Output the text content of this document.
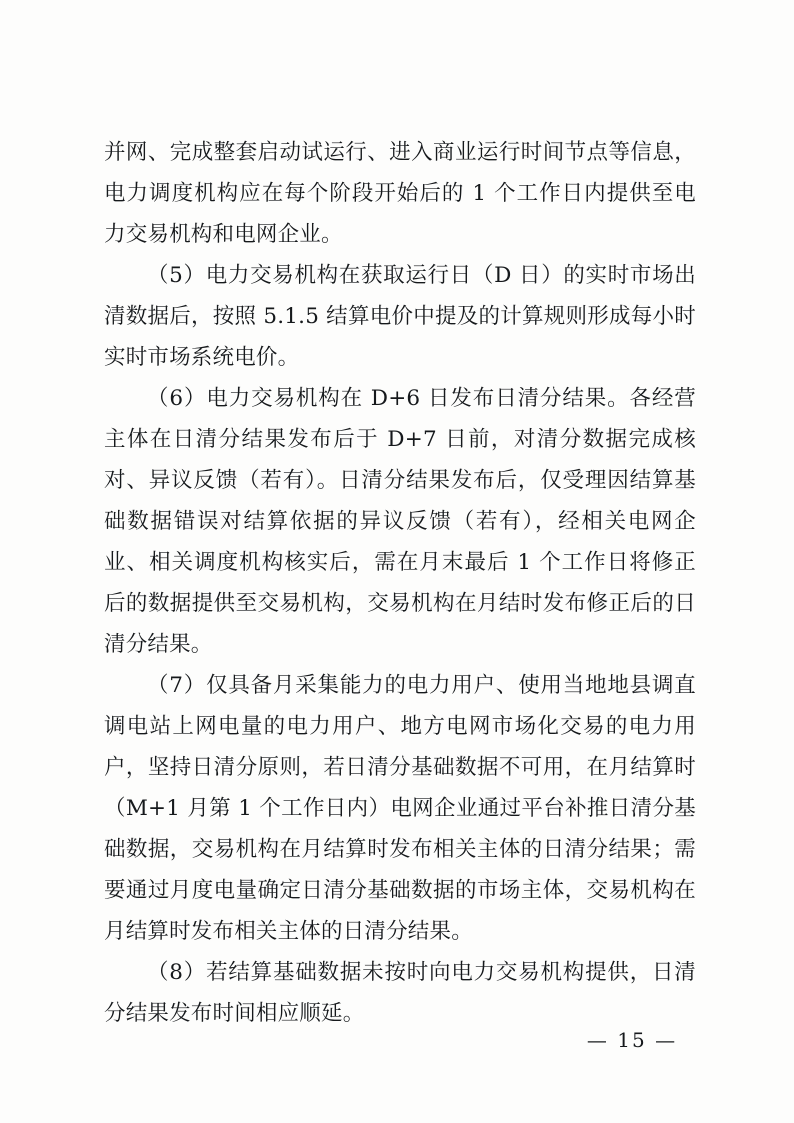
并网、完成整套启动试运行、进入商业运行时间节点等信息，电力调度机构应在每个阶段开始后的 1 个工作日内提供至电力交易机构和电网企业。

（5）电力交易机构在获取运行日（D 日）的实时市场出清数据后，按照 5.1.5 结算电价中提及的计算规则形成每小时实时市场系统电价。

（6）电力交易机构在 D+6 日发布日清分结果。各经营主体在日清分结果发布后于 D+7 日前，对清分数据完成核对、异议反馈（若有）。日清分结果发布后，仅受理因结算基础数据错误对结算依据的异议反馈（若有），经相关电网企业、相关调度机构核实后，需在月末最后 1 个工作日将修正后的数据提供至交易机构，交易机构在月结时发布修正后的日清分结果。

（7）仅具备月采集能力的电力用户、使用当地地县调直调电站上网电量的电力用户、地方电网市场化交易的电力用户，坚持日清分原则，若日清分基础数据不可用，在月结算时（M+1 月第 1 个工作日内）电网企业通过平台补推日清分基础数据，交易机构在月结算时发布相关主体的日清分结果；需要通过月度电量确定日清分基础数据的市场主体，交易机构在月结算时发布相关主体的日清分结果。

（8）若结算基础数据未按时向电力交易机构提供，日清分结果发布时间相应顺延。

— 15 —
